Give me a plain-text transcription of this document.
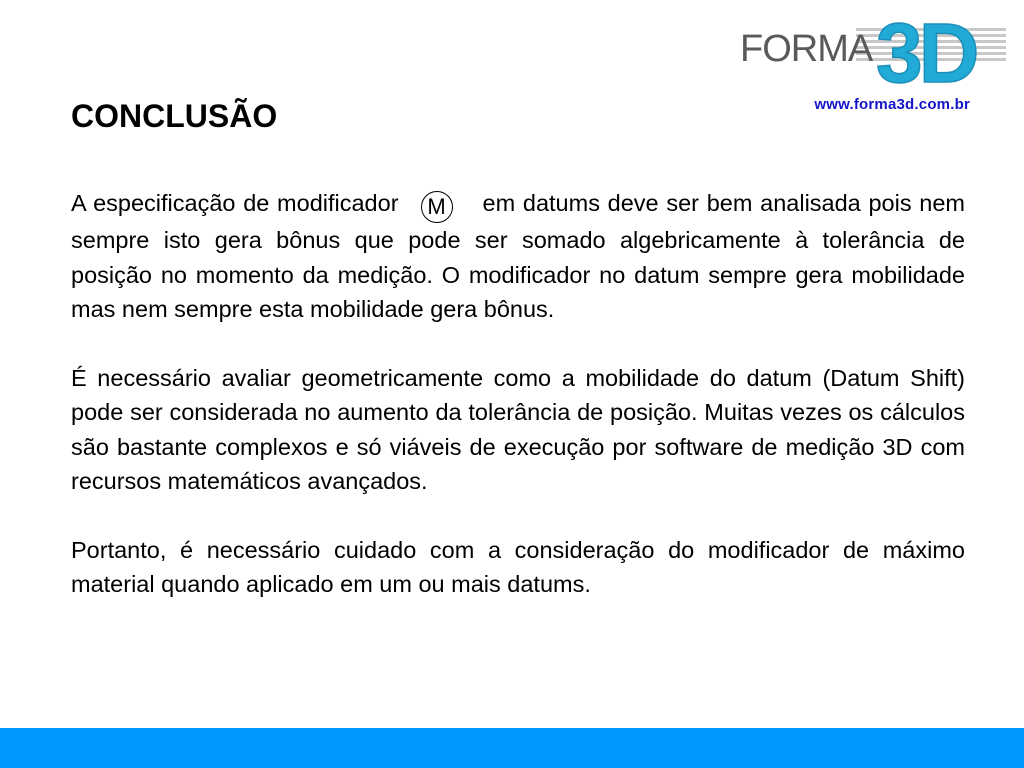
3D
FORMA
www.forma3d.com.br
CONCLUSÃO

A especificação de modificador M em datums deve ser bem analisada pois nem sempre isto gera bônus que pode ser somado algebricamente à tolerância de posição no momento da medição. O modificador no datum sempre gera mobilidade mas nem sempre esta mobilidade gera bônus.

É necessário avaliar geometricamente como a mobilidade do datum (Datum Shift) pode ser considerada no aumento da tolerância de posição. Muitas vezes os cálculos são bastante complexos e só viáveis de execução por software de medição 3D com recursos matemáticos avançados.

Portanto, é necessário cuidado com a consideração do modificador de máximo material quando aplicado em um ou mais datums.
